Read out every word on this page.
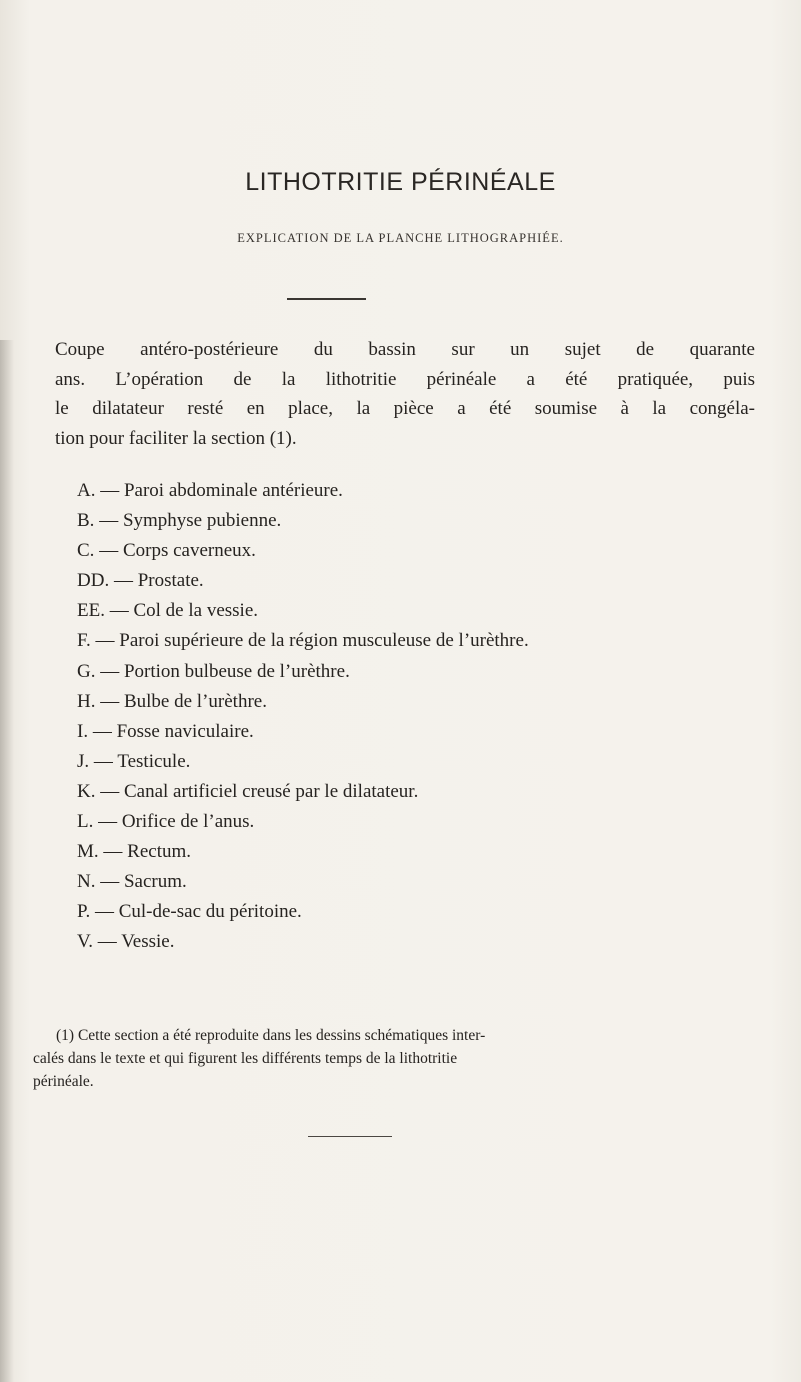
LITHOTRITIE PÉRINÉALE

EXPLICATION DE LA PLANCHE LITHOGRAPHIÉE.

Coupe antéro-postérieure du bassin sur un sujet de quarante
ans. L’opération de la lithotritie périnéale a été pratiquée, puis
le dilatateur resté en place, la pièce a été soumise à la congéla-
tion pour faciliter la section (1).

A. — Paroi abdominale antérieure.
B. — Symphyse pubienne.
C. — Corps caverneux.
DD. — Prostate.
EE. — Col de la vessie.
F. — Paroi supérieure de la région musculeuse de l’urèthre.
G. — Portion bulbeuse de l’urèthre.
H. — Bulbe de l’urèthre.
I. — Fosse naviculaire.
J. — Testicule.
K. — Canal artificiel creusé par le dilatateur.
L. — Orifice de l’anus.
M. — Rectum.
N. — Sacrum.
P. — Cul-de-sac du péritoine.
V. — Vessie.

(1) Cette section a été reproduite dans les dessins schématiques inter-
calés dans le texte et qui figurent les différents temps de la lithotritie
périnéale.
